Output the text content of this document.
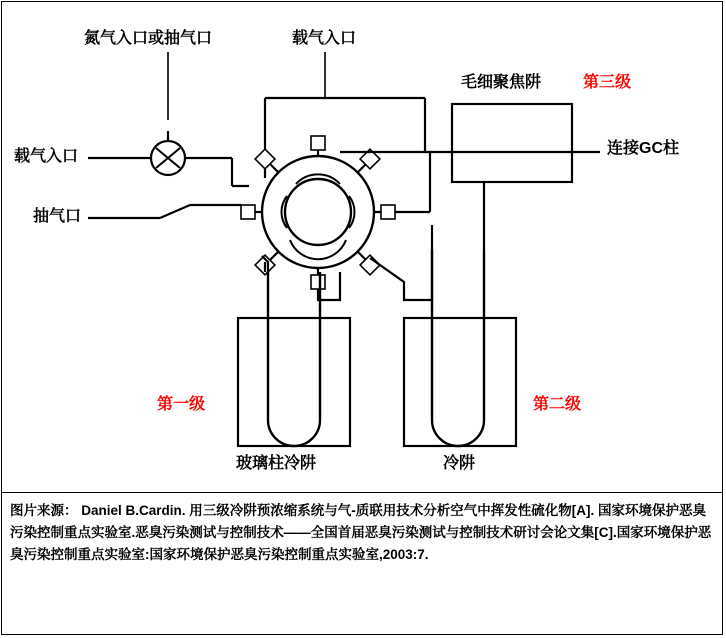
氮气入口或抽气口	载气入口
毛细聚焦阱	第三级
连接GC柱
载气入口
抽气口
第一级	第二级
玻璃柱冷阱	冷阱
图片来源： Daniel B.Cardin. 用三级冷阱预浓缩系统与气-质联用技术分析空气中挥发性硫化物[A]. 国家环境保护恶臭污染控制重点实验室.恶臭污染测试与控制技术——全国首届恶臭污染测试与控制技术研讨会论文集[C].国家环境保护恶臭污染控制重点实验室:国家环境保护恶臭污染控制重点实验室,2003:7.
